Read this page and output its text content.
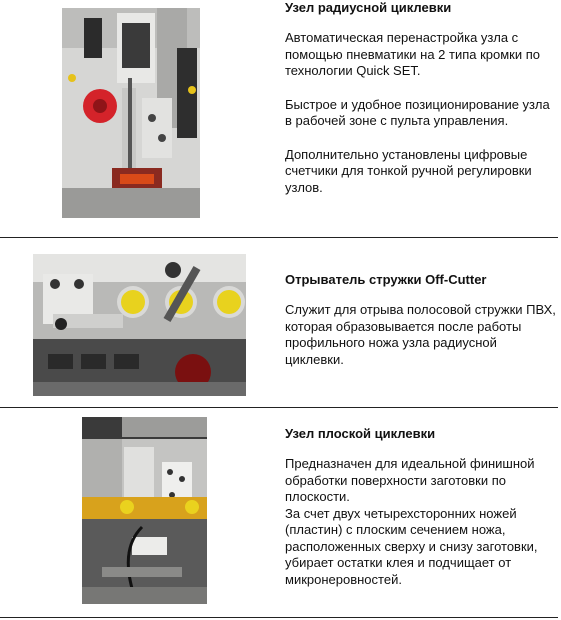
Узел радиусной циклевки

Автоматическая перенастройка узла с помощью пневматики на 2 типа кромки по технологии Quick SET.

Быстрое и удобное позиционирование узла в рабочей зоне с пульта управления.

Дополнительно установлены цифровые счетчики для тонкой ручной регулировки узлов.

Отрыватель стружки Off-Cutter

Служит для отрыва полосовой стружки ПВХ, которая образовывается после работы профильного ножа узла радиусной циклевки.

Узел плоской циклевки

Предназначен для идеальной финишной обработки поверхности заготовки по плоскости.

За счет двух четырехсторонних ножей (пластин) с плоским сечением ножа, расположенных сверху и снизу заготовки, убирает остатки клея и подчищает от микронеровностей.
